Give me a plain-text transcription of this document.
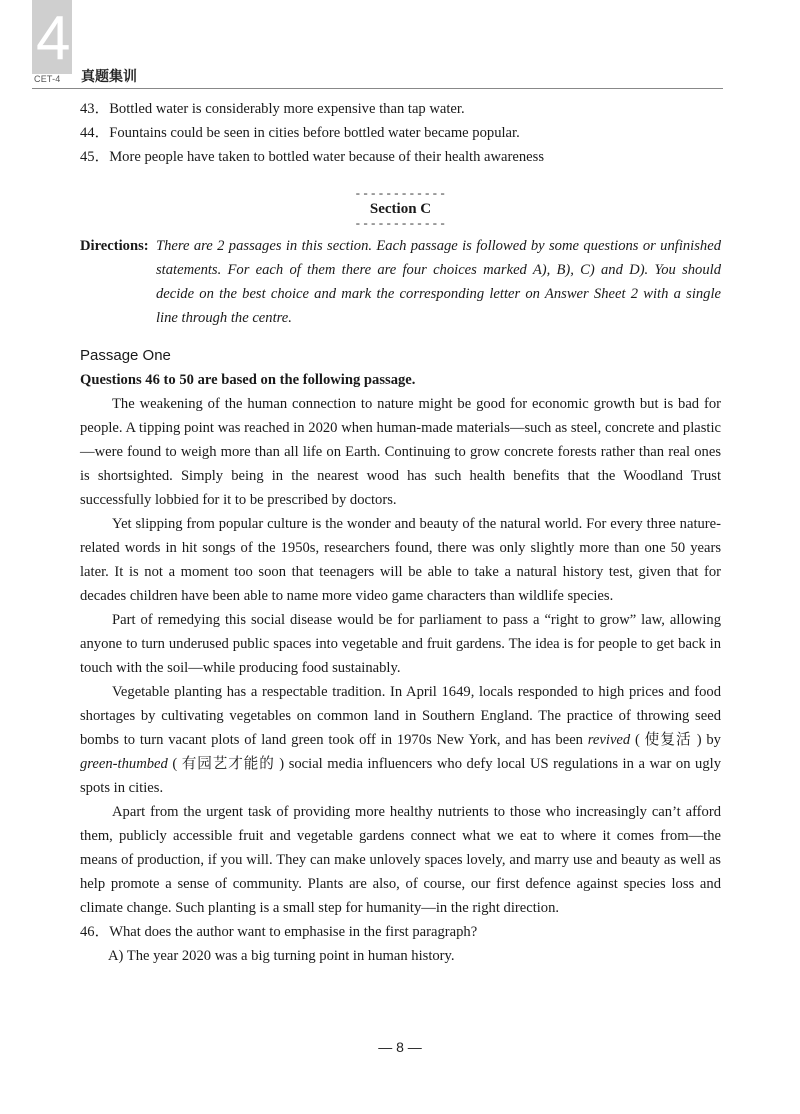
4
CET-4 真题集训

43．Bottled water is considerably more expensive than tap water.

44．Fountains could be seen in cities before bottled water became popular.

45．More people have taken to bottled water because of their health awareness

------------
Section C
------------
Directions: There are 2 passages in this section. Each passage is followed by some questions or unfinished statements. For each of them there are four choices marked A), B), C) and D). You should decide on the best choice and mark the corresponding letter on Answer Sheet 2 with a single line through the centre.
Passage One
Questions 46 to 50 are based on the following passage.

The weakening of the human connection to nature might be good for economic growth but is bad for people. A tipping point was reached in 2020 when human-made materials—such as steel, concrete and plastic—were found to weigh more than all life on Earth. Continuing to grow concrete forests rather than real ones is shortsighted. Simply being in the nearest wood has such health benefits that the Woodland Trust successfully lobbied for it to be prescribed by doctors.

Yet slipping from popular culture is the wonder and beauty of the natural world. For every three nature-related words in hit songs of the 1950s, researchers found, there was only slightly more than one 50 years later. It is not a moment too soon that teenagers will be able to take a natural history test, given that for decades children have been able to name more video game characters than wildlife species.

Part of remedying this social disease would be for parliament to pass a “right to grow” law, allowing anyone to turn underused public spaces into vegetable and fruit gardens. The idea is for people to get back in touch with the soil—while producing food sustainably.

Vegetable planting has a respectable tradition. In April 1649, locals responded to high prices and food shortages by cultivating vegetables on common land in Southern England. The practice of throwing seed bombs to turn vacant plots of land green took off in 1970s New York, and has been revived ( 使复活 ) by green-thumbed ( 有园艺才能的 ) social media influencers who defy local US regulations in a war on ugly spots in cities.

Apart from the urgent task of providing more healthy nutrients to those who increasingly can’t afford them, publicly accessible fruit and vegetable gardens connect what we eat to where it comes from—the means of production, if you will. They can make unlovely spaces lovely, and marry use and beauty as well as help promote a sense of community. Plants are also, of course, our first defence against species loss and climate change. Such planting is a small step for humanity—in the right direction.

46．What does the author want to emphasise in the first paragraph?

A) The year 2020 was a big turning point in human history.

— 8 —
